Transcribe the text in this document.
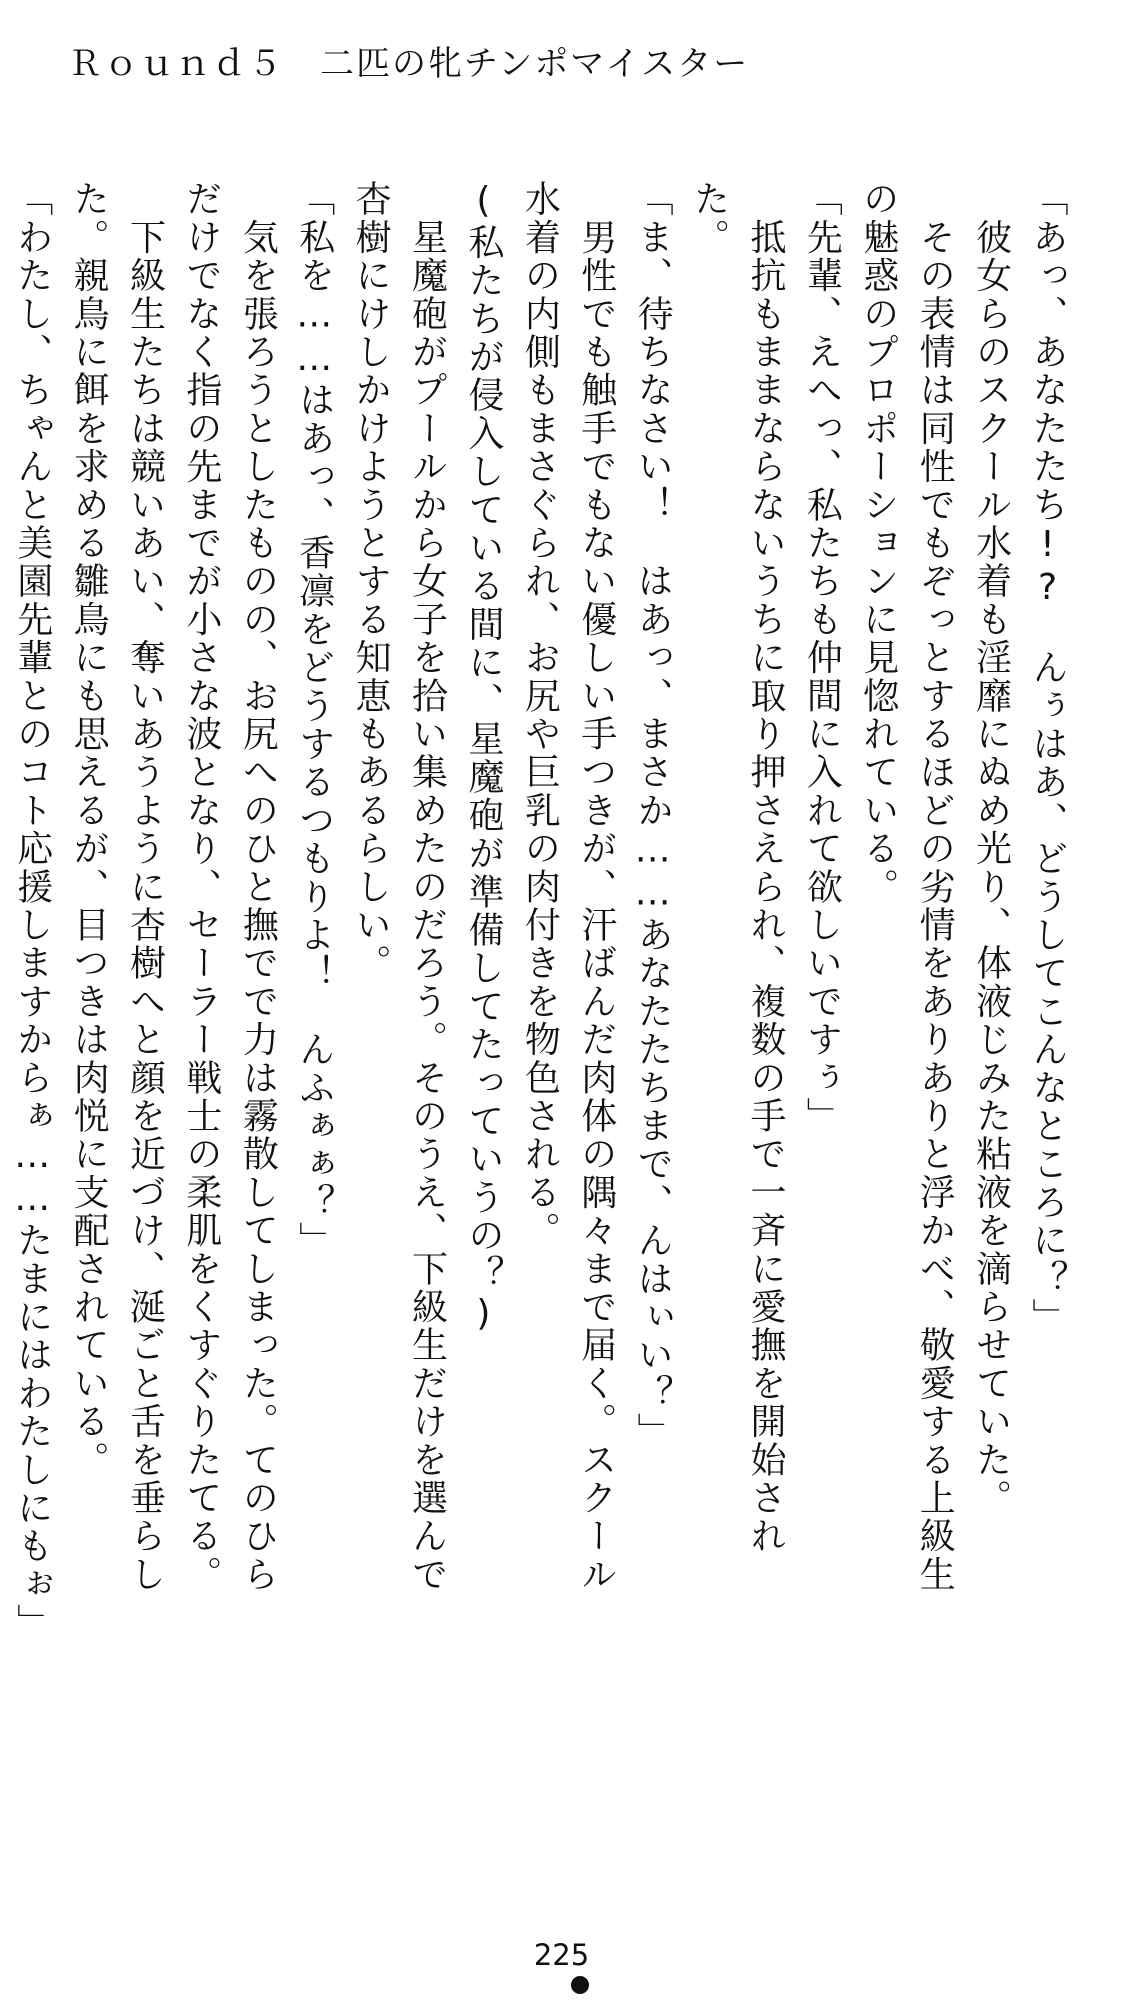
Ｒｏｕｎｄ５　二匹の牝チンポマイスター

「あっ、あなたたち!?　んぅはあ、どうしてこんなところに？」

　彼女らのスクール水着も淫靡にぬめ光り、体液じみた粘液を滴らせていた。

　その表情は同性でもぞっとするほどの劣情をありありと浮かべ、敬愛する上級生の魅惑のプロポーションに見惚れている。

「先輩、えへっ、私たちも仲間に入れて欲しいですぅ」

　抵抗もままならないうちに取り押さえられ、複数の手で一斉に愛撫を開始された。

「ま、待ちなさい！　はあっ、まさか……あなたたちまで、んはぃい？」

　男性でも触手でもない優しい手つきが、汗ばんだ肉体の隅々まで届く。スクール水着の内側もまさぐられ、お尻や巨乳の肉付きを物色される。

(私たちが侵入している間に、星魔砲が準備してたっていうの？)

　星魔砲がプールから女子を拾い集めたのだろう。そのうえ、下級生だけを選んで杏樹にけしかけようとする知恵もあるらしい。

「私を……はあっ、香凛をどうするつもりよ！　んふぁぁ？」

　気を張ろうとしたものの、お尻へのひと撫でで力は霧散してしまった。てのひらだけでなく指の先までが小さな波となり、セーラー戦士の柔肌をくすぐりたてる。

　下級生たちは競いあい、奪いあうように杏樹へと顔を近づけ、涎ごと舌を垂らした。親鳥に餌を求める雛鳥にも思えるが、目つきは肉悦に支配されている。

「わたし、ちゃんと美園先輩とのコト応援しますからぁ……たまにはわたしにもぉ」

225
